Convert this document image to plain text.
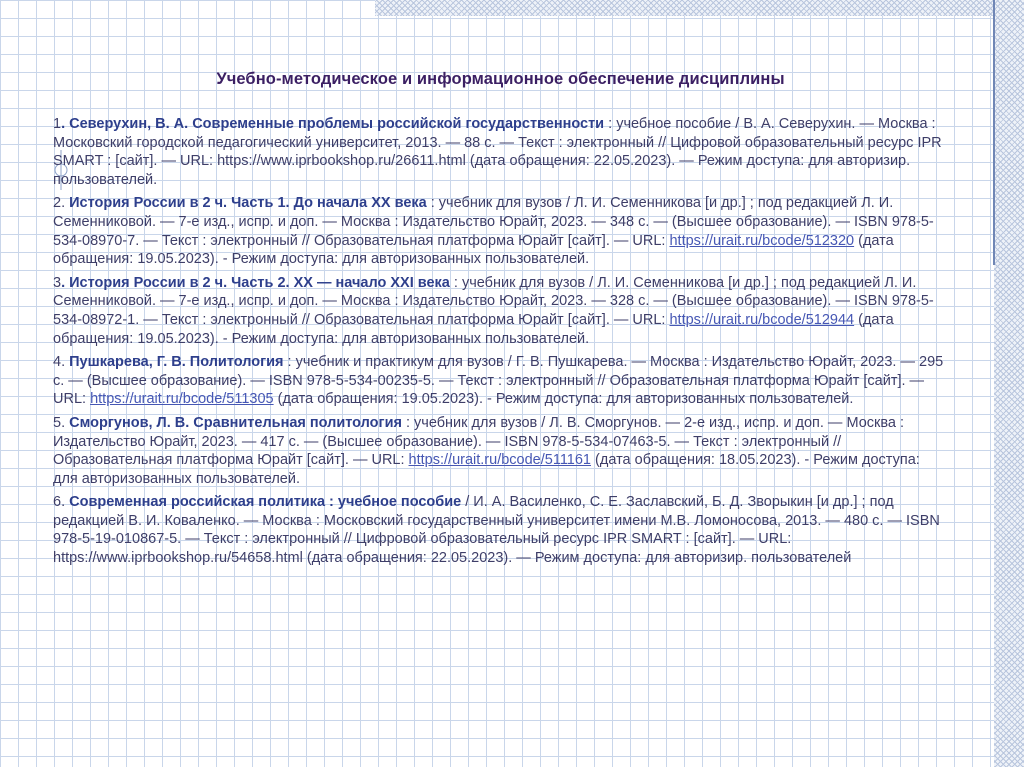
Учебно-методическое и информационное обеспечение дисциплины

1. Северухин, В. А. Современные проблемы российской государственности : учебное пособие / В. А. Северухин. — Москва : Московский городской педагогический университет, 2013. — 88 с. — Текст : электронный // Цифровой образовательный ресурс IPR SMART : [сайт]. — URL: https://www.iprbookshop.ru/26611.html (дата обращения: 22.05.2023). — Режим доступа: для авторизир. пользователей.

2. История России в 2 ч. Часть 1. До начала XX века : учебник для вузов / Л. И. Семенникова [и др.] ; под редакцией Л. И. Семенниковой. — 7-е изд., испр. и доп. — Москва : Издательство Юрайт, 2023. — 348 с. — (Высшее образование). — ISBN 978-5-534-08970-7. — Текст : электронный // Образовательная платформа Юрайт [сайт]. — URL: https://urait.ru/bcode/512320 (дата обращения: 19.05.2023). - Режим доступа: для авторизованных пользователей.

3. История России в 2 ч. Часть 2. XX — начало XXI века : учебник для вузов / Л. И. Семенникова [и др.] ; под редакцией Л. И. Семенниковой. — 7-е изд., испр. и доп. — Москва : Издательство Юрайт, 2023. — 328 с. — (Высшее образование). — ISBN 978-5-534-08972-1. — Текст : электронный // Образовательная платформа Юрайт [сайт]. — URL: https://urait.ru/bcode/512944 (дата обращения: 19.05.2023). - Режим доступа: для авторизованных пользователей.

4. Пушкарева, Г. В. Политология : учебник и практикум для вузов / Г. В. Пушкарева. — Москва : Издательство Юрайт, 2023. — 295 с. — (Высшее образование). — ISBN 978-5-534-00235-5. — Текст : электронный // Образовательная платформа Юрайт [сайт]. — URL: https://urait.ru/bcode/511305 (дата обращения: 19.05.2023). - Режим доступа: для авторизованных пользователей.

5. Сморгунов, Л. В. Сравнительная политология : учебник для вузов / Л. В. Сморгунов. — 2-е изд., испр. и доп. — Москва : Издательство Юрайт, 2023. — 417 с. — (Высшее образование). — ISBN 978-5-534-07463-5. — Текст : электронный // Образовательная платформа Юрайт [сайт]. — URL: https://urait.ru/bcode/511161 (дата обращения: 18.05.2023). - Режим доступа: для авторизованных пользователей.

6. Современная российская политика : учебное пособие / И. А. Василенко, С. Е. Заславский, Б. Д. Зворыкин [и др.] ; под редакцией В. И. Коваленко. — Москва : Московский государственный университет имени М.В. Ломоносова, 2013. — 480 с. — ISBN 978-5-19-010867-5. — Текст : электронный // Цифровой образовательный ресурс IPR SMART : [сайт]. — URL: https://www.iprbookshop.ru/54658.html (дата обращения: 22.05.2023). — Режим доступа: для авторизир. пользователей
